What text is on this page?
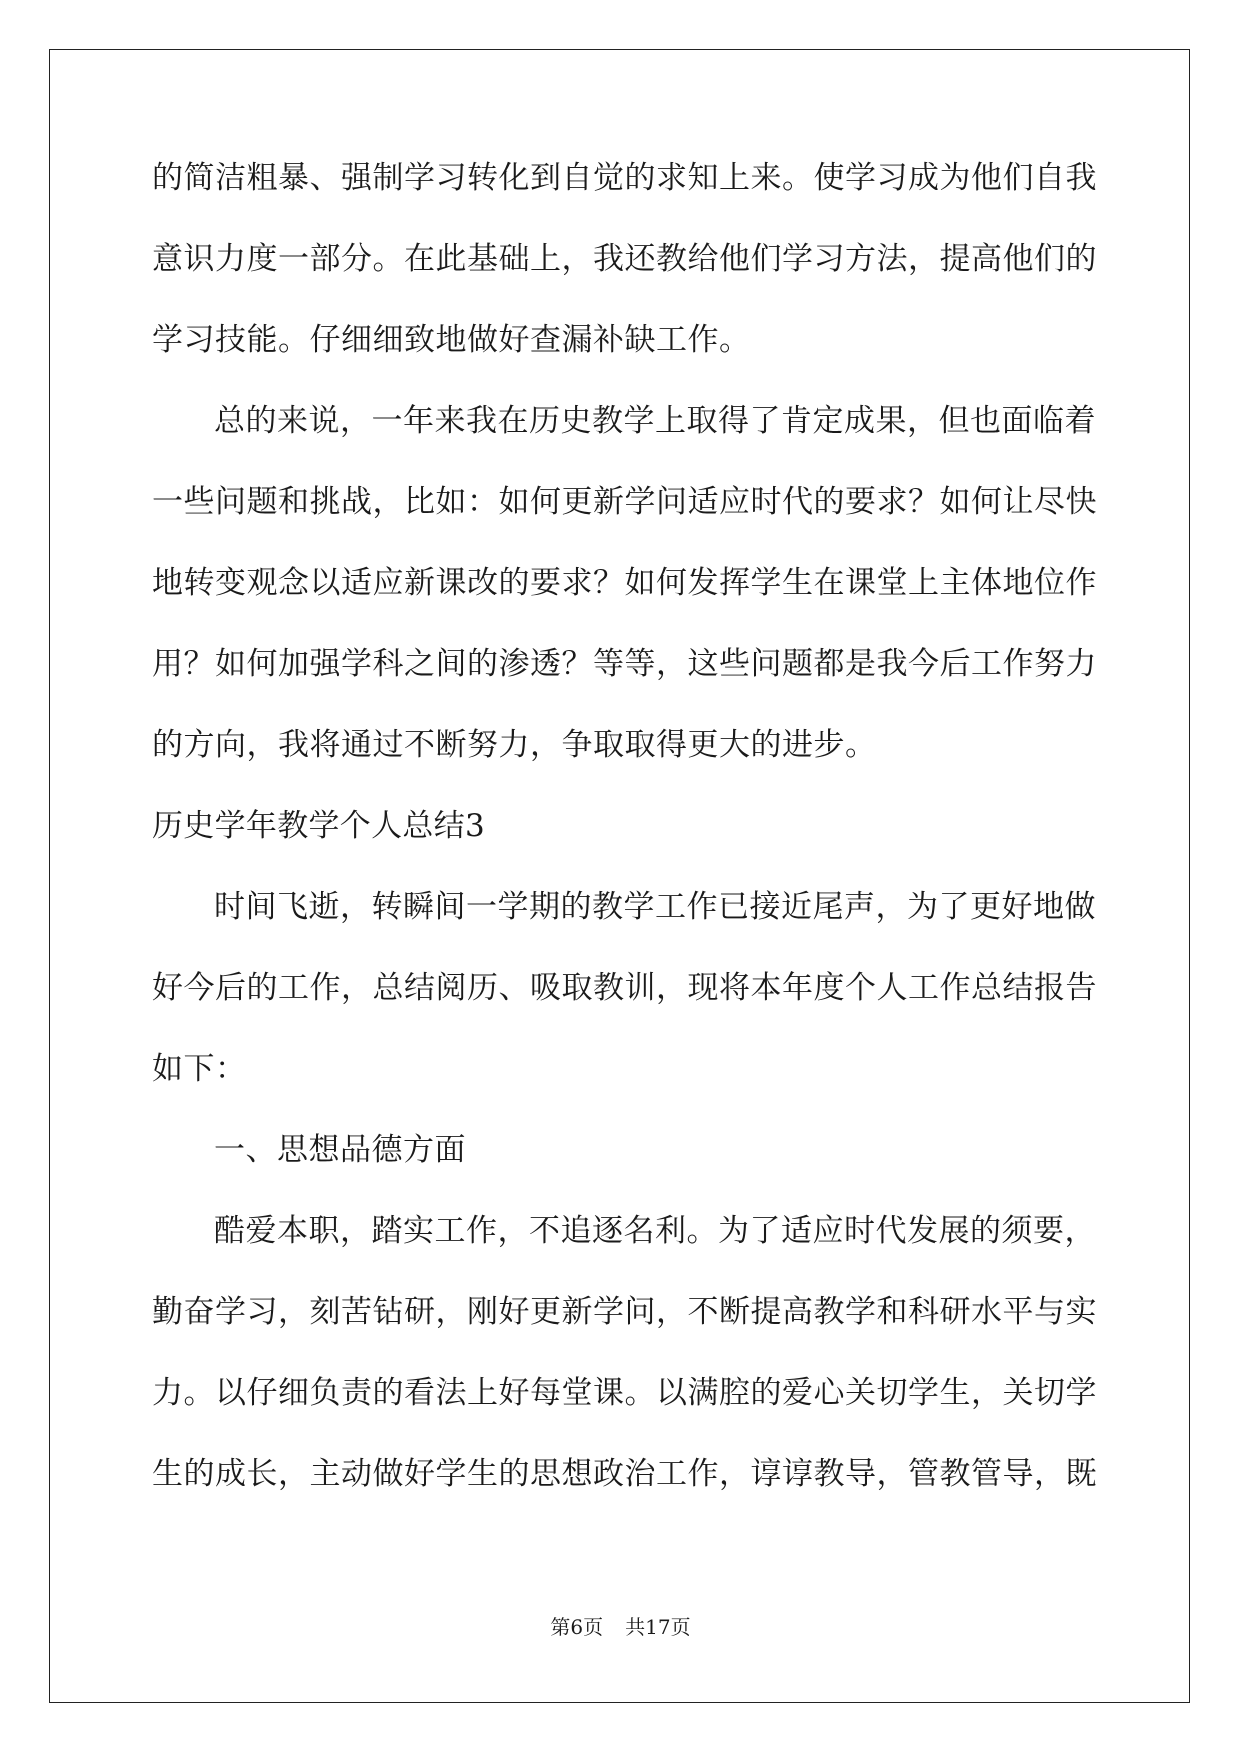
的简洁粗暴、强制学习转化到自觉的求知上来。使学习成为他们自我
意识力度一部分。在此基础上，我还教给他们学习方法，提高他们的
学习技能。仔细细致地做好查漏补缺工作。
总的来说，一年来我在历史教学上取得了肯定成果，但也面临着
一些问题和挑战，比如：如何更新学问适应时代的要求？如何让尽快
地转变观念以适应新课改的要求？如何发挥学生在课堂上主体地位作
用？如何加强学科之间的渗透？等等，这些问题都是我今后工作努力
的方向，我将通过不断努力，争取取得更大的进步。
历史学年教学个人总结3
时间飞逝，转瞬间一学期的教学工作已接近尾声，为了更好地做
好今后的工作，总结阅历、吸取教训，现将本年度个人工作总结报告
如下：
一、思想品德方面
酷爱本职，踏实工作，不追逐名利。为了适应时代发展的须要，
勤奋学习，刻苦钻研，刚好更新学问，不断提高教学和科研水平与实
力。以仔细负责的看法上好每堂课。以满腔的爱心关切学生，关切学
生的成长，主动做好学生的思想政治工作，谆谆教导，管教管导，既
第6页 共17页
